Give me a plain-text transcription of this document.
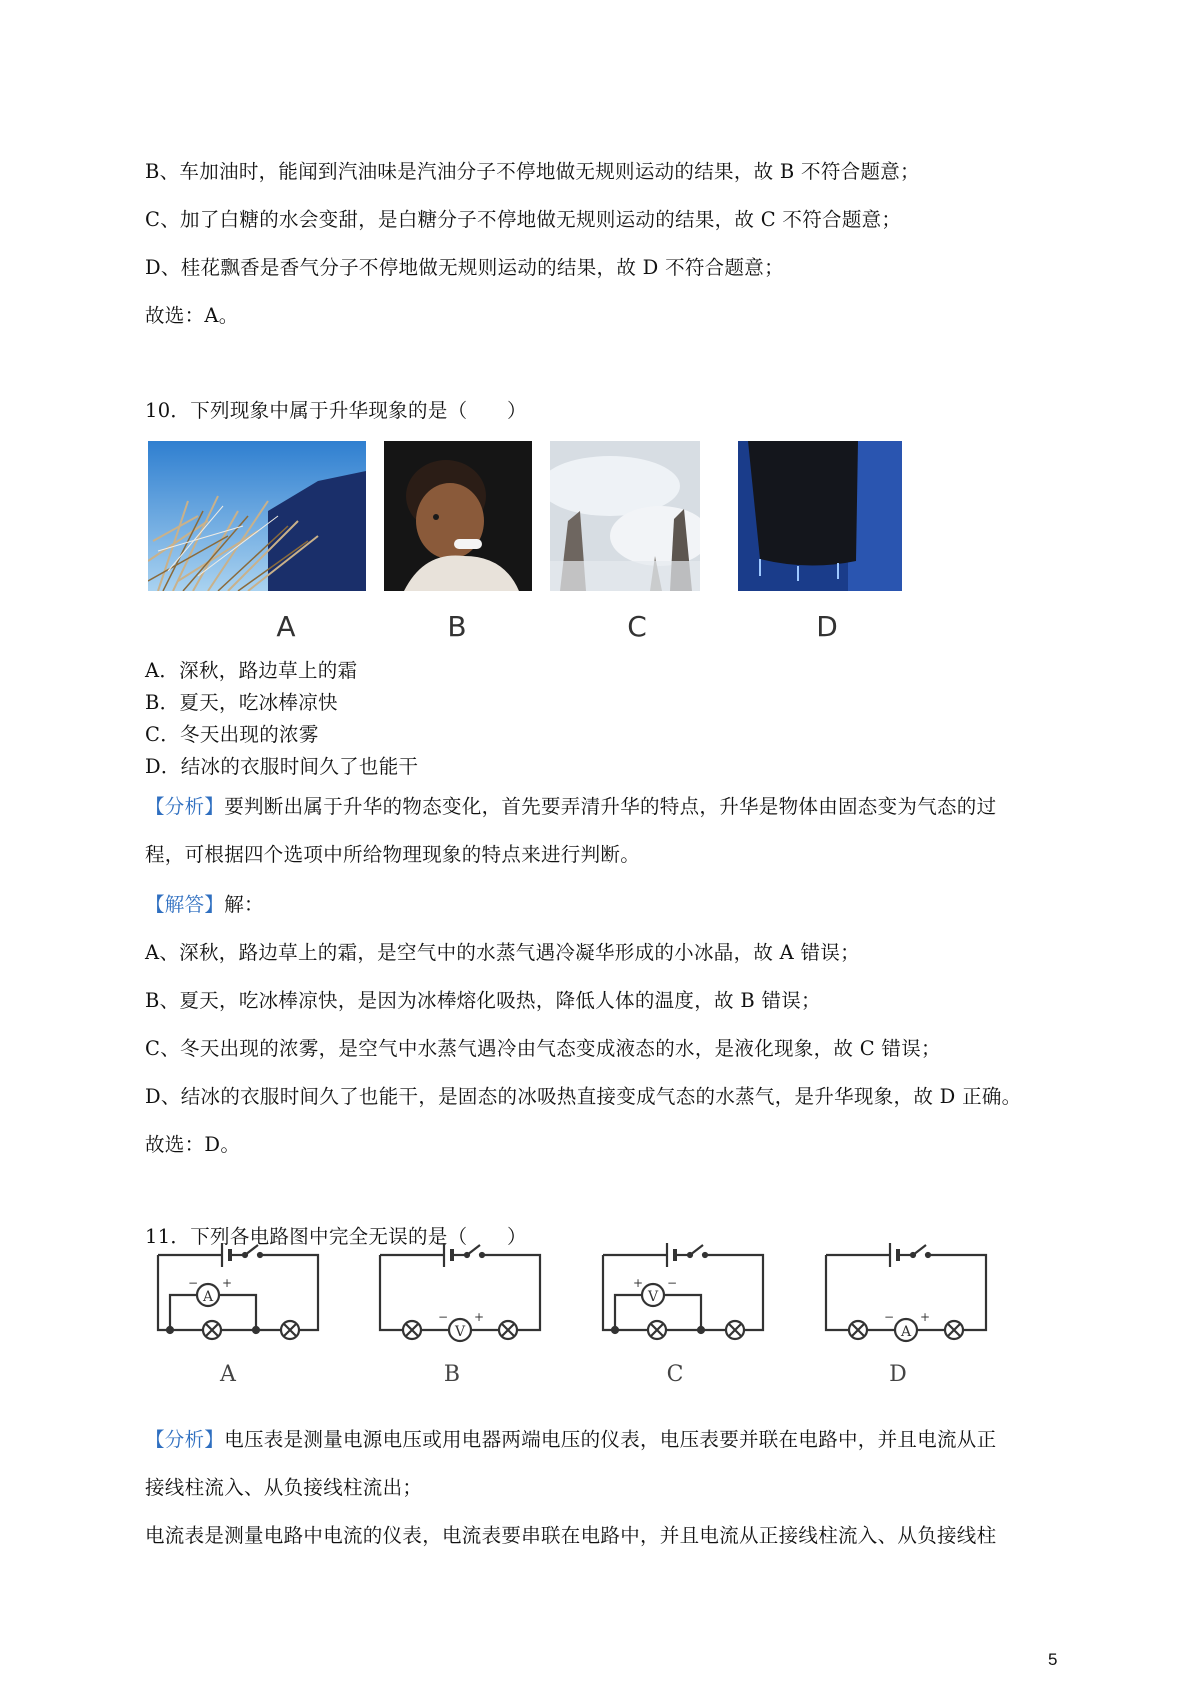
B、车加油时，能闻到汽油味是汽油分子不停地做无规则运动的结果，故 B 不符合题意；
C、加了白糖的水会变甜，是白糖分子不停地做无规则运动的结果，故 C 不符合题意；
D、桂花飘香是香气分子不停地做无规则运动的结果，故 D 不符合题意；
故选：A。
10．下列现象中属于升华现象的是（　　）
A	B	C	D
A．深秋，路边草上的霜
B．夏天，吃冰棒凉快
C．冬天出现的浓雾
D．结冰的衣服时间久了也能干
【分析】要判断出属于升华的物态变化，首先要弄清升华的特点，升华是物体由固态变为气态的过
程，可根据四个选项中所给物理现象的特点来进行判断。
【解答】解：
A、深秋，路边草上的霜，是空气中的水蒸气遇冷凝华形成的小冰晶，故 A 错误；
B、夏天，吃冰棒凉快，是因为冰棒熔化吸热，降低人体的温度，故 B 错误；
C、冬天出现的浓雾，是空气中水蒸气遇冷由气态变成液态的水，是液化现象，故 C 错误；
D、结冰的衣服时间久了也能干，是固态的冰吸热直接变成气态的水蒸气，是升华现象，故 D 正确。
故选：D。
11．下列各电路图中完全无误的是（　　）
A
− +
V
− +
V
+ −
A
− +
A	B	C	D
【分析】电压表是测量电源电压或用电器两端电压的仪表，电压表要并联在电路中，并且电流从正
接线柱流入、从负接线柱流出；
电流表是测量电路中电流的仪表，电流表要串联在电路中，并且电流从正接线柱流入、从负接线柱
5
